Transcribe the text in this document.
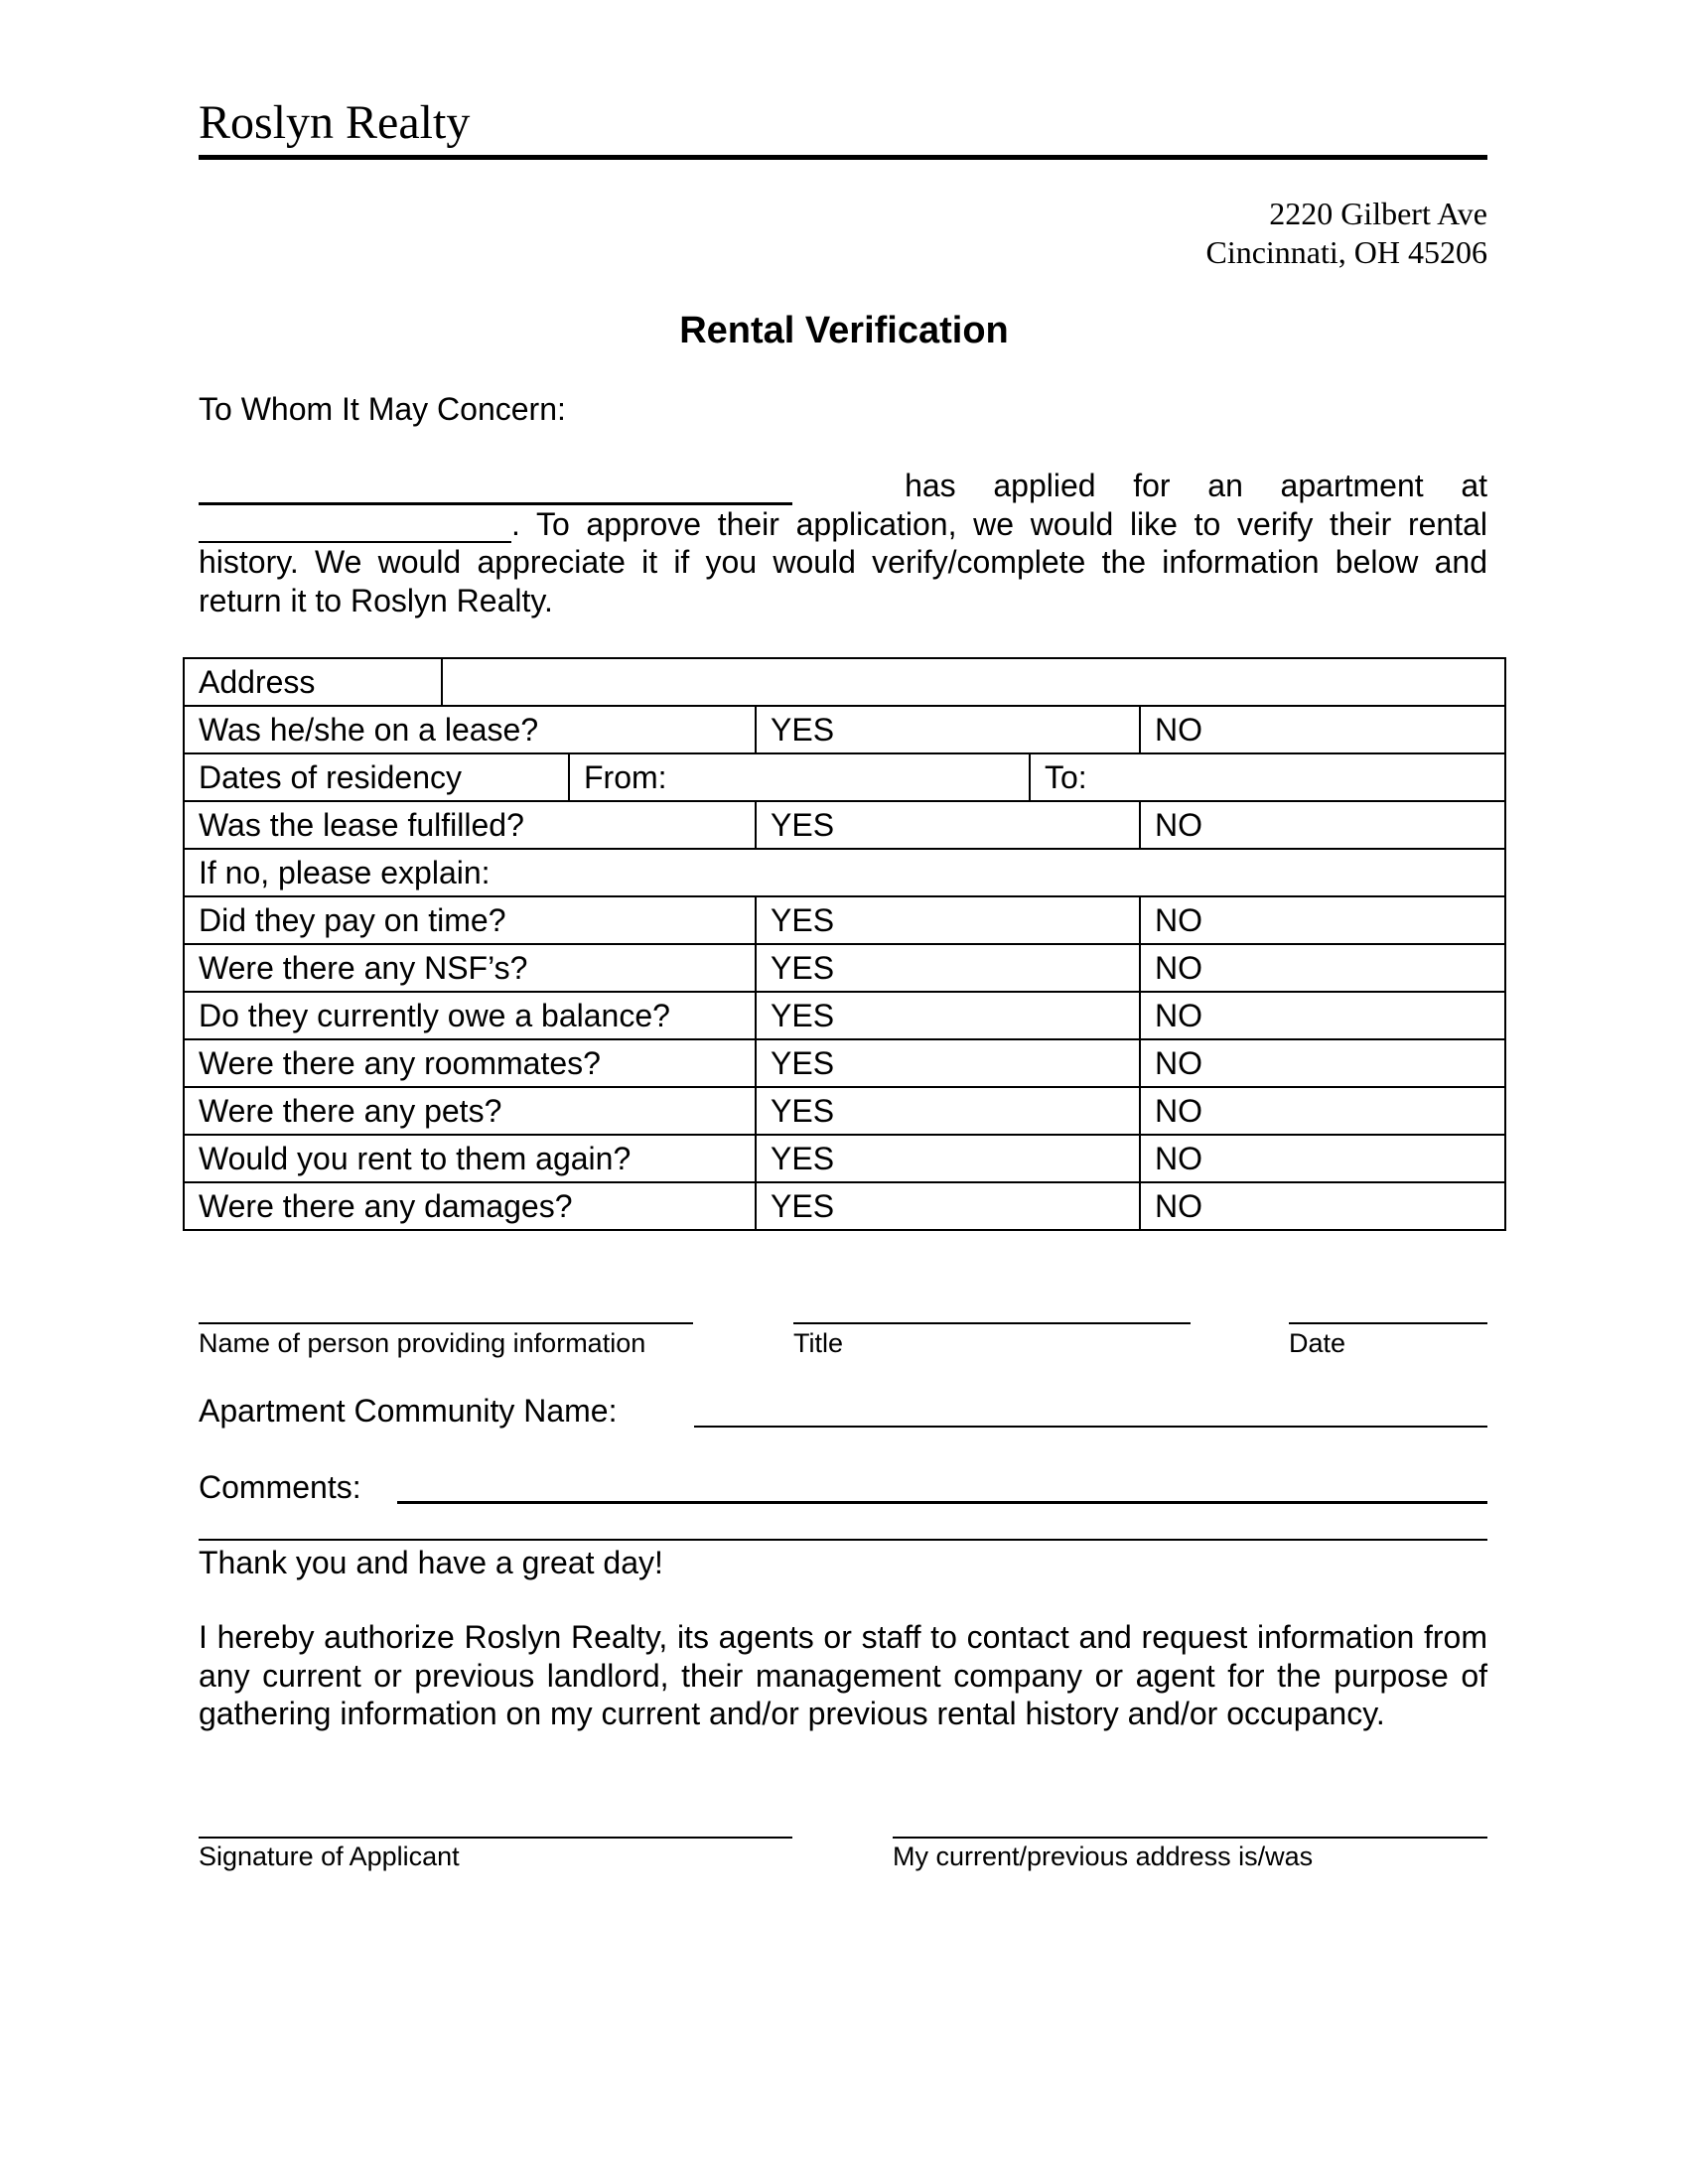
Roslyn Realty
2220 Gilbert Ave
Cincinnati, OH 45206
Rental Verification
To Whom It May Concern:
has applied for an apartment at
. To approve their application, we would like to verify their rental
history. We would appreciate it if you would verify/complete the information below and
return it to Roslyn Realty.
Address					
Was he/she on a lease?			YES		NO
Dates of residency		From:		To:	
Was the lease fulfilled?			YES		NO
If no, please explain:					
Did they pay on time?			YES		NO
Were there any NSF’s?			YES		NO
Do they currently owe a balance?			YES		NO
Were there any roommates?			YES		NO
Were there any pets?			YES		NO
Would you rent to them again?			YES		NO
Were there any damages?			YES		NO
Name of person providing information	Title	Date
Apartment Community Name:
Comments:
Thank you and have a great day!
I hereby authorize Roslyn Realty, its agents or staff to contact and request information from any current or previous landlord, their management company or agent for the purpose of gathering information on my current and/or previous rental history and/or occupancy.
Signature of Applicant	My current/previous address is/was
